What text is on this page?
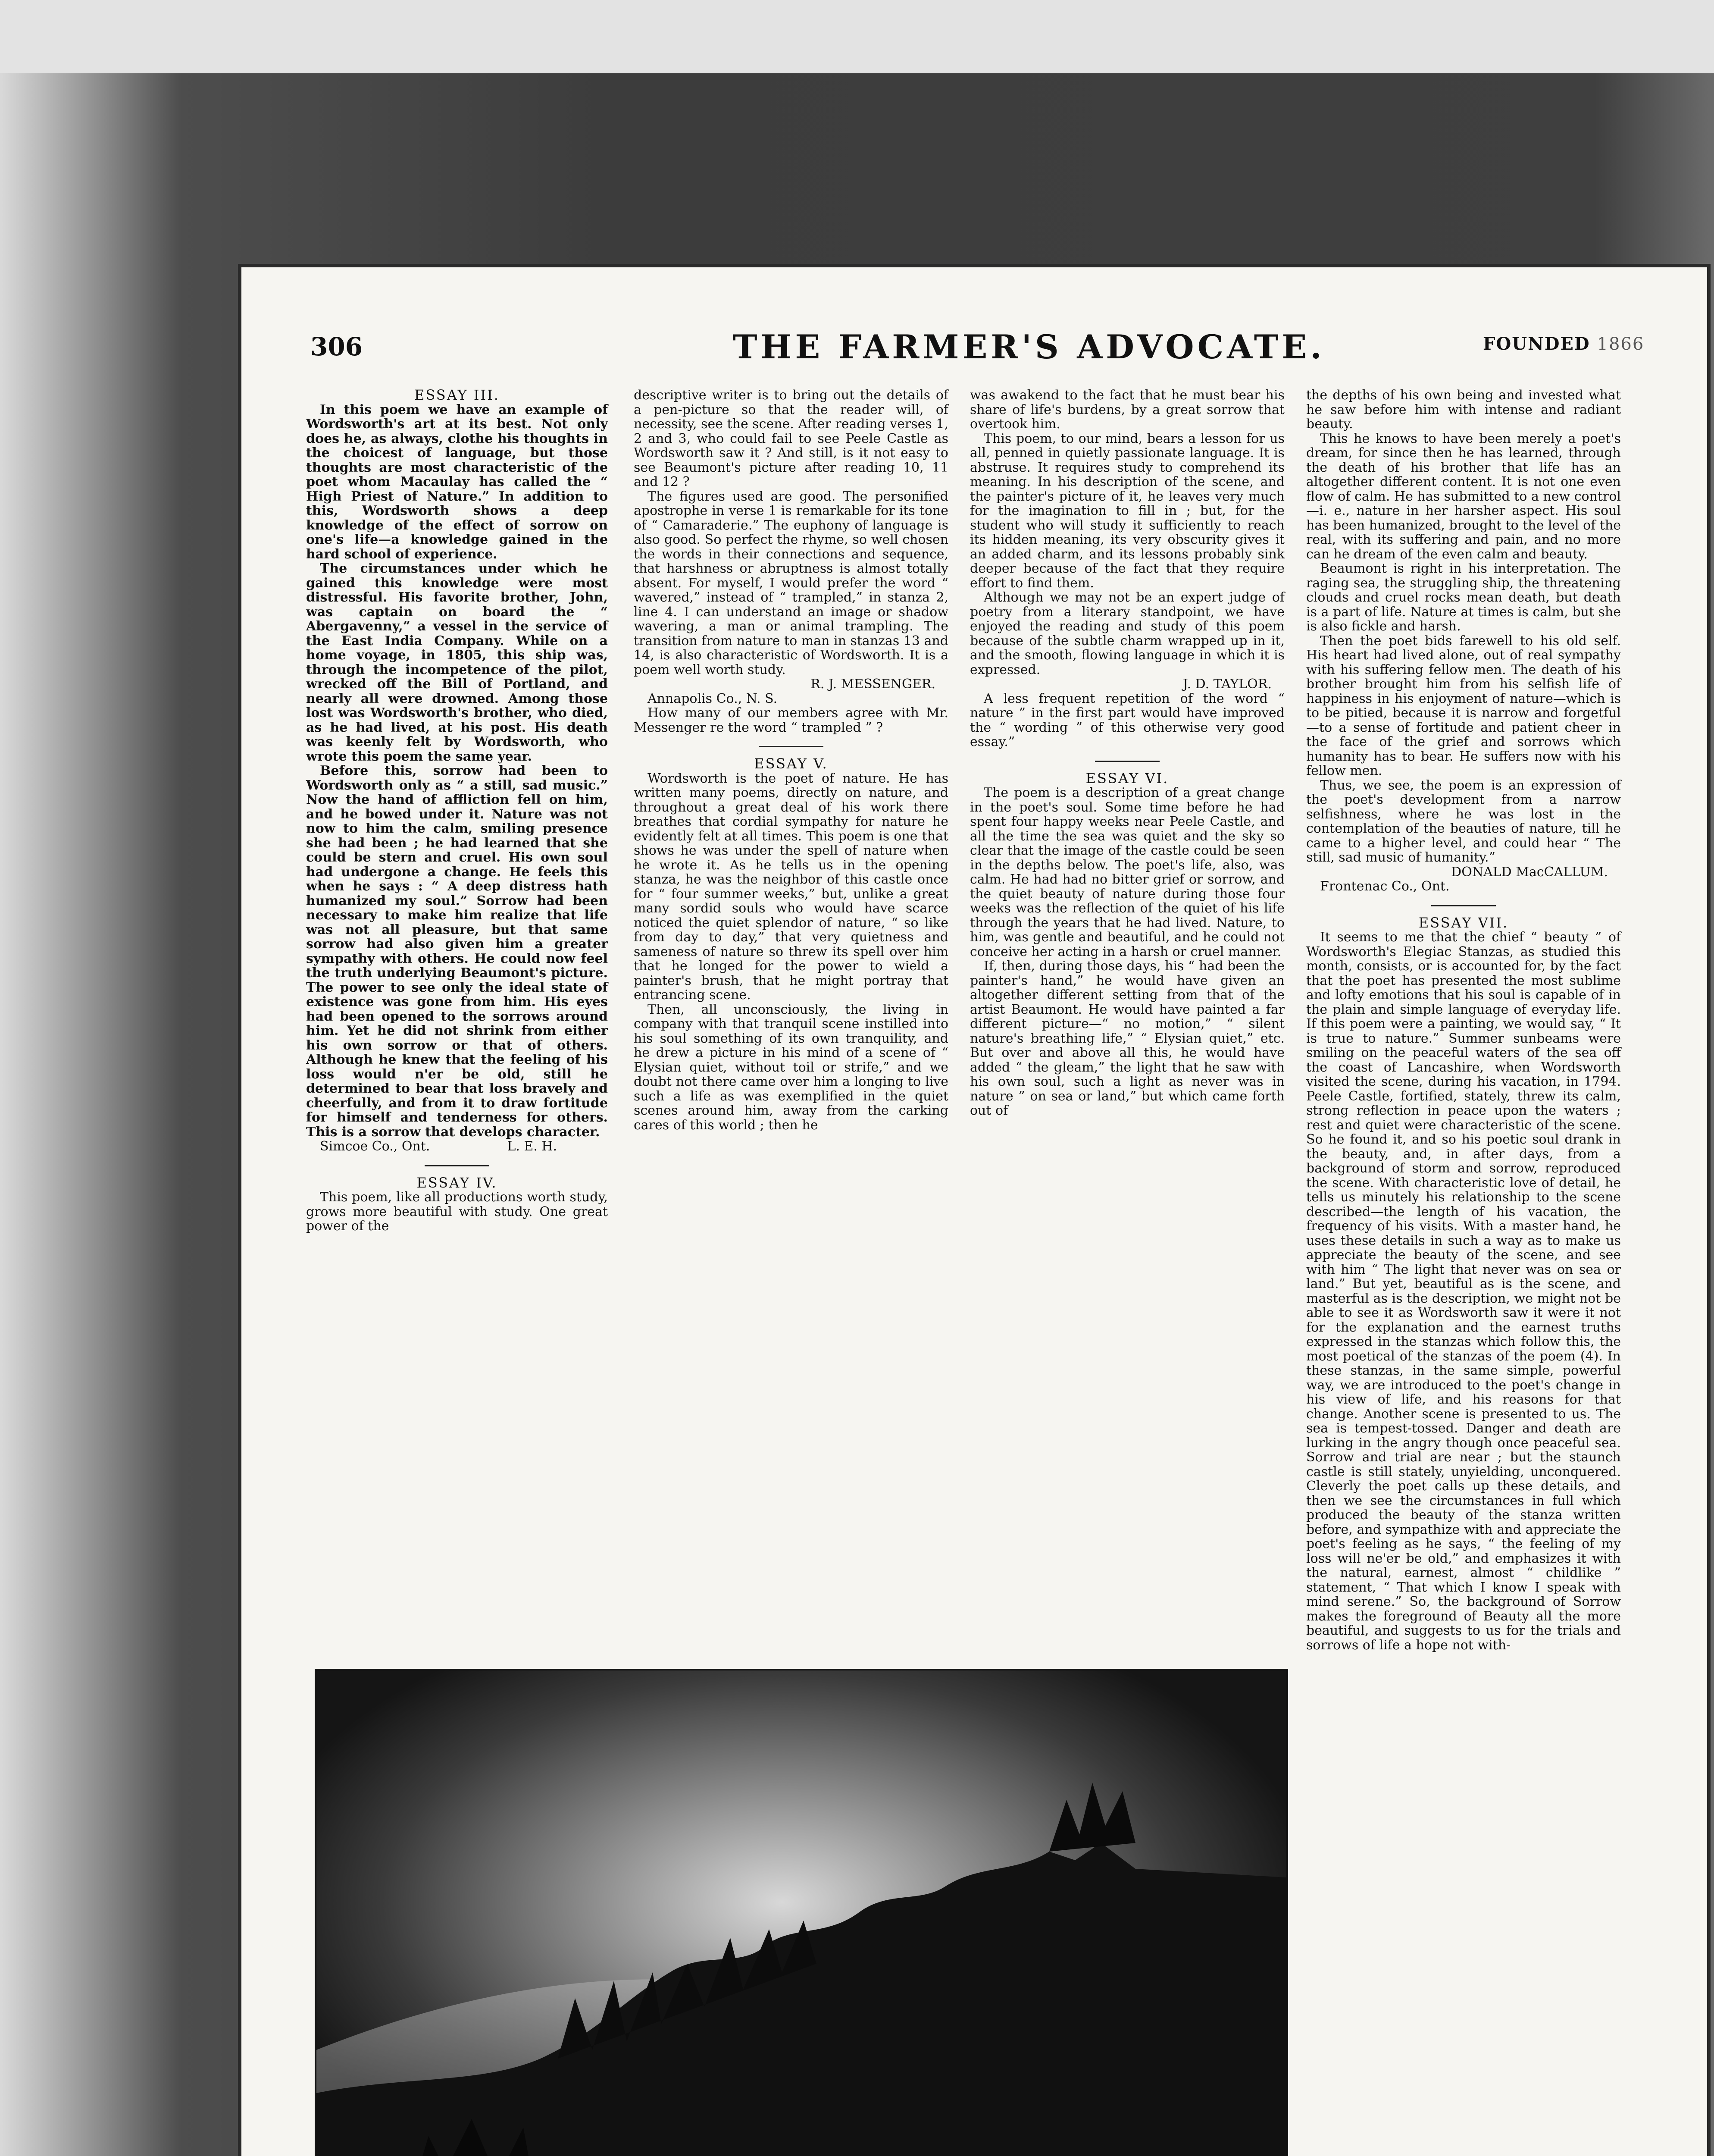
306	THE FARMER'S ADVOCATE.	FOUNDED 1866

ESSAY III.

In this poem we have an example of Wordsworth's art at its best. Not only does he, as always, clothe his thoughts in the choicest of language, but those thoughts are most characteristic of the poet whom Macaulay has called the “ High Priest of Nature.” In addition to this, Wordsworth shows a deep knowledge of the effect of sorrow on one's life—a knowledge gained in the hard school of experience.

The circumstances under which he gained this knowledge were most distressful. His favorite brother, John, was captain on board the “ Abergavenny,” a vessel in the service of the East India Company. While on a home voyage, in 1805, this ship was, through the incompetence of the pilot, wrecked off the Bill of Portland, and nearly all were drowned. Among those lost was Wordsworth's brother, who died, as he had lived, at his post. His death was keenly felt by Wordsworth, who wrote this poem the same year.

Before this, sorrow had been to Wordsworth only as “ a still, sad music.” Now the hand of affliction fell on him, and he bowed under it. Nature was not now to him the calm, smiling presence she had been ; he had learned that she could be stern and cruel. His own soul had undergone a change. He feels this when he says : “ A deep distress hath humanized my soul.” Sorrow had been necessary to make him realize that life was not all pleasure, but that same sorrow had also given him a greater sympathy with others. He could now feel the truth underlying Beaumont's picture. The power to see only the ideal state of existence was gone from him. His eyes had been opened to the sorrows around him. Yet he did not shrink from either his own sorrow or that of others. Although he knew that the feeling of his loss would n'er be old, still he determined to bear that loss bravely and cheerfully, and from it to draw fortitude for himself and tenderness for others. This is a sorrow that develops character.

Simcoe Co., Ont.	L. E. H.

ESSAY IV.

This poem, like all productions worth study, grows more beautiful with study. One great power of the

descriptive writer is to bring out the details of a pen-picture so that the reader will, of necessity, see the scene. After reading verses 1, 2 and 3, who could fail to see Peele Castle as Wordsworth saw it ? And still, is it not easy to see Beaumont's picture after reading 10, 11 and 12 ?

The figures used are good. The personified apostrophe in verse 1 is remarkable for its tone of “ Camaraderie.” The euphony of language is also good. So perfect the rhyme, so well chosen the words in their connections and sequence, that harshness or abruptness is almost totally absent. For myself, I would prefer the word “ wavered,” instead of “ trampled,” in stanza 2, line 4. I can understand an image or shadow wavering, a man or animal trampling. The transition from nature to man in stanzas 13 and 14, is also characteristic of Wordsworth. It is a poem well worth study.

R. J. MESSENGER.

Annapolis Co., N. S.

How many of our members agree with Mr. Messenger re the word “ trampled ” ?

ESSAY V.

Wordsworth is the poet of nature. He has written many poems, directly on nature, and throughout a great deal of his work there breathes that cordial sympathy for nature he evidently felt at all times. This poem is one that shows he was under the spell of nature when he wrote it. As he tells us in the opening stanza, he was the neighbor of this castle once for “ four summer weeks,” but, unlike a great many sordid souls who would have scarce noticed the quiet splendor of nature, “ so like from day to day,” that very quietness and sameness of nature so threw its spell over him that he longed for the power to wield a painter's brush, that he might portray that entrancing scene.

Then, all unconsciously, the living in company with that tranquil scene instilled into his soul something of its own tranquility, and he drew a picture in his mind of a scene of “ Elysian quiet, without toil or strife,” and we doubt not there came over him a longing to live such a life as was exemplified in the quiet scenes around him, away from the carking cares of this world ; then he

was awakend to the fact that he must bear his share of life's burdens, by a great sorrow that overtook him.

This poem, to our mind, bears a lesson for us all, penned in quietly passionate language. It is abstruse. It requires study to comprehend its meaning. In his description of the scene, and the painter's picture of it, he leaves very much for the imagination to fill in ; but, for the student who will study it sufficiently to reach its hidden meaning, its very obscurity gives it an added charm, and its lessons probably sink deeper because of the fact that they require effort to find them.

Although we may not be an expert judge of poetry from a literary standpoint, we have enjoyed the reading and study of this poem because of the subtle charm wrapped up in it, and the smooth, flowing language in which it is expressed.

J. D. TAYLOR.

A less frequent repetition of the word “ nature ” in the first part would have improved the “ wording ” of this otherwise very good essay.”

ESSAY VI.

The poem is a description of a great change in the poet's soul. Some time before he had spent four happy weeks near Peele Castle, and all the time the sea was quiet and the sky so clear that the image of the castle could be seen in the depths below. The poet's life, also, was calm. He had had no bitter grief or sorrow, and the quiet beauty of nature during those four weeks was the reflection of the quiet of his life through the years that he had lived. Nature, to him, was gentle and beautiful, and he could not conceive her acting in a harsh or cruel manner.

If, then, during those days, his “ had been the painter's hand,” he would have given an altogether different setting from that of the artist Beaumont. He would have painted a far different picture—“ no motion,” “ silent nature's breathing life,” “ Elysian quiet,” etc. But over and above all this, he would have added “ the gleam,” the light that he saw with his own soul, such a light as never was in nature ” on sea or land,” but which came forth out of

the depths of his own being and invested what he saw before him with intense and radiant beauty.

This he knows to have been merely a poet's dream, for since then he has learned, through the death of his brother that life has an altogether different content. It is not one even flow of calm. He has submitted to a new control—i. e., nature in her harsher aspect. His soul has been humanized, brought to the level of the real, with its suffering and pain, and no more can he dream of the even calm and beauty.

Beaumont is right in his interpretation. The raging sea, the struggling ship, the threatening clouds and cruel rocks mean death, but death is a part of life. Nature at times is calm, but she is also fickle and harsh.

Then the poet bids farewell to his old self. His heart had lived alone, out of real sympathy with his suffering fellow men. The death of his brother brought him from his selfish life of happiness in his enjoyment of nature—which is to be pitied, because it is narrow and forgetful—to a sense of fortitude and patient cheer in the face of the grief and sorrows which humanity has to bear. He suffers now with his fellow men.

Thus, we see, the poem is an expression of the poet's development from a narrow selfishness, where he was lost in the contemplation of the beauties of nature, till he came to a higher level, and could hear “ The still, sad music of humanity.”

DONALD MacCALLUM.

Frontenac Co., Ont.

ESSAY VII.

It seems to me that the chief “ beauty ” of Wordsworth's Elegiac Stanzas, as studied this month, consists, or is accounted for, by the fact that the poet has presented the most sublime and lofty emotions that his soul is capable of in the plain and simple language of everyday life. If this poem were a painting, we would say, “ It is true to nature.” Summer sunbeams were smiling on the peaceful waters of the sea off the coast of Lancashire, when Wordsworth visited the scene, during his vacation, in 1794. Peele Castle, fortified, stately, threw its calm, strong reflection in peace upon the waters ; rest and quiet were characteristic of the scene. So he found it, and so his poetic soul drank in the beauty, and, in after days, from a background of storm and sorrow, reproduced the scene. With characteristic love of detail, he tells us minutely his relationship to the scene described—the length of his vacation, the frequency of his visits. With a master hand, he uses these details in such a way as to make us appreciate the beauty of the scene, and see with him “ The light that never was on sea or land.” But yet, beautiful as is the scene, and masterful as is the description, we might not be able to see it as Wordsworth saw it were it not for the explanation and the earnest truths expressed in the stanzas which follow this, the most poetical of the stanzas of the poem (4). In these stanzas, in the same simple, powerful way, we are introduced to the poet's change in his view of life, and his reasons for that change. Another scene is presented to us. The sea is tempest-tossed. Danger and death are lurking in the angry though once peaceful sea. Sorrow and trial are near ; but the staunch castle is still stately, unyielding, unconquered. Cleverly the poet calls up these details, and then we see the circumstances in full which produced the beauty of the stanza written before, and sympathize with and appreciate the poet's feeling as he says, “ the feeling of my loss will ne'er be old,” and emphasizes it with the natural, earnest, almost “ childlike ” statement, “ That which I know I speak with mind serene.” So, the background of Sorrow makes the foreground of Beauty all the more beautiful, and suggests to us for the trials and sorrows of life a hope not with-
